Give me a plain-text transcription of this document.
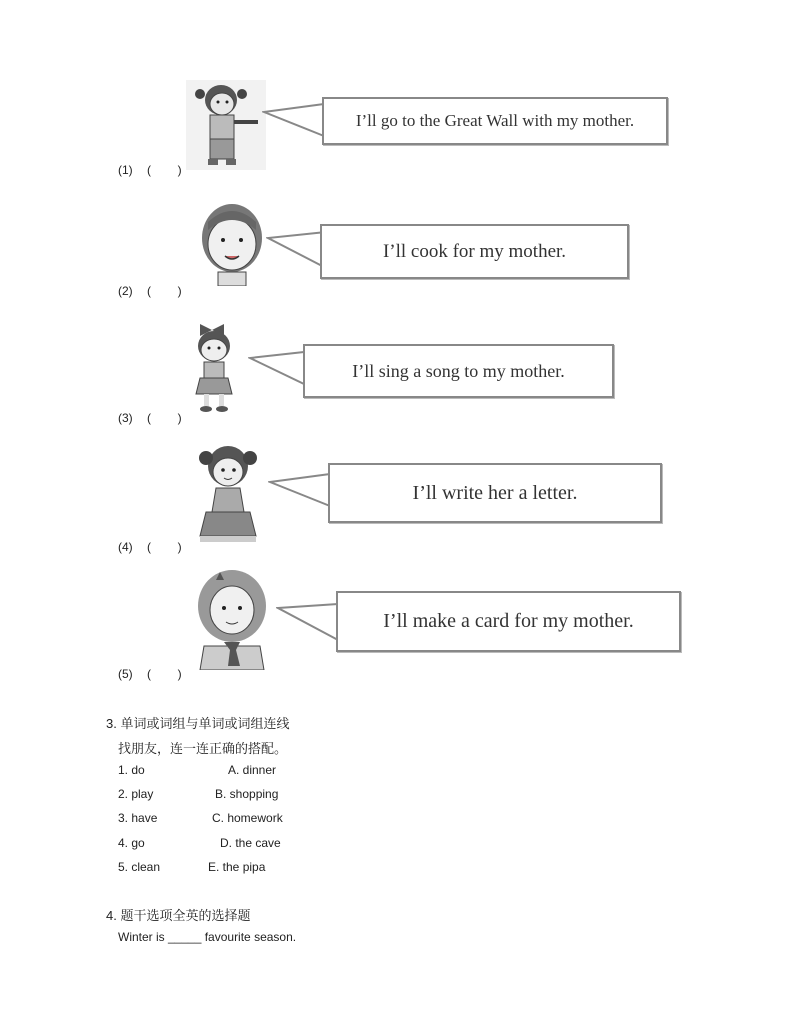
I’ll go to the Great Wall with my mother.
(1) (        )
I’ll cook for my mother.
(2) (        )
I’ll sing a song to my mother.
(3) (        )
I’ll write her a letter.
(4) (        )
I’ll make a card for my mother.
(5) (        )
3. 单词或词组与单词或词组连线
找朋友，连一连正确的搭配。
1. do	A. dinner
2. play	B. shopping
3. have	C. homework
4. go	D. the cave
5. clean	E. the pipa
4. 题干选项全英的选择题
Winter is _____ favourite season.
